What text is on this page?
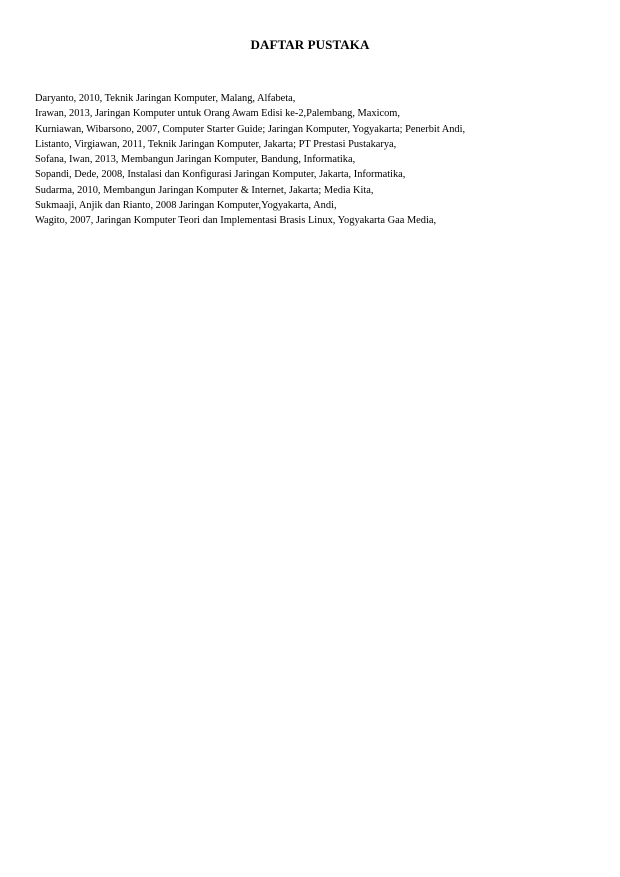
DAFTAR PUSTAKA
Daryanto, 2010, Teknik Jaringan Komputer, Malang, Alfabeta,
Irawan, 2013, Jaringan Komputer untuk Orang Awam Edisi ke-2,Palembang, Maxicom,
Kurniawan, Wibarsono, 2007, Computer Starter Guide; Jaringan Komputer, Yogyakarta; Penerbit Andi,
Listanto, Virgiawan, 2011, Teknik Jaringan Komputer, Jakarta; PT Prestasi Pustakarya,
Sofana, Iwan, 2013, Membangun Jaringan Komputer, Bandung, Informatika,
Sopandi, Dede, 2008, Instalasi dan Konfigurasi Jaringan Komputer, Jakarta, Informatika,
Sudarma, 2010, Membangun Jaringan Komputer & Internet, Jakarta; Media Kita,
Sukmaaji, Anjik dan Rianto, 2008 Jaringan Komputer,Yogyakarta, Andi,
Wagito, 2007, Jaringan Komputer Teori dan Implementasi Brasis Linux, Yogyakarta Gaa Media,
